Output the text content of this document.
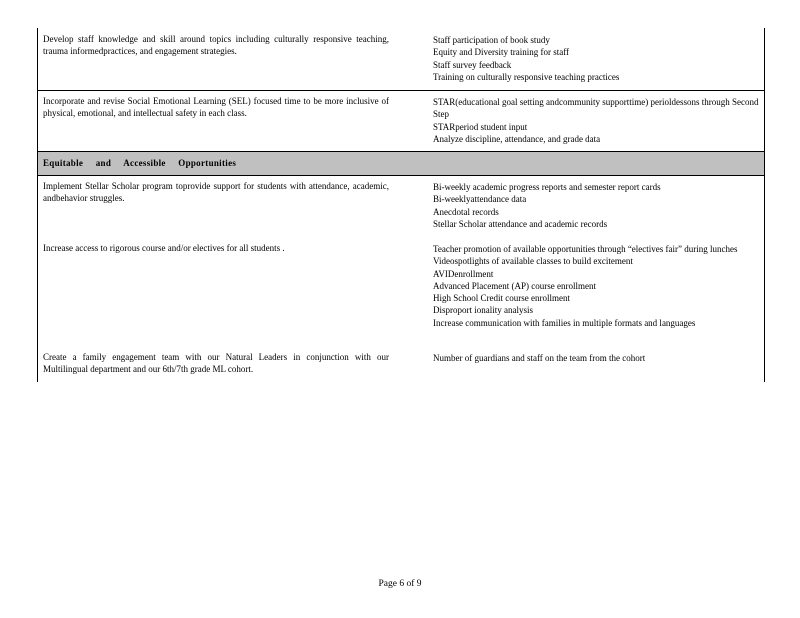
Develop staff knowledge and skill around topics including culturally responsive teaching, trauma informedpractices, and engagement strategies.
Staff participation of book study
Equity and Diversity training for staff
Staff survey feedback
Training on culturally responsive teaching practices
Incorporate and revise Social Emotional Learning (SEL) focused time to be more inclusive of physical, emotional, and intellectual safety in each class.
STAR(educational goal setting andcommunity supporttime) perioldessons through Second Step
STARperiod student input
Analyze discipline, attendance, and grade data
Equitable and Accessible Opportunities
Implement Stellar Scholar program toprovide support for students with attendance, academic, andbehavior struggles.
Bi-weekly academic progress reports and semester report cards
Bi-weeklyattendance data
Anecdotal records
Stellar Scholar attendance and academic records
Increase access to rigorous course and/or electives for all students .	Teacher promotion of available opportunities through “electives fair” during lunches
Videospotlights of available classes to build excitement
AVIDenrollment
Advanced Placement (AP) course enrollment
High School Credit course enrollment
Disproport ionality analysis
Increase communication with families in multiple formats and languages
Create a family engagement team with our Natural Leaders in conjunction with our Multilingual department and our 6th/7th grade ML cohort.
Number of guardians and staff on the team from the cohort
Page 6 of 9
